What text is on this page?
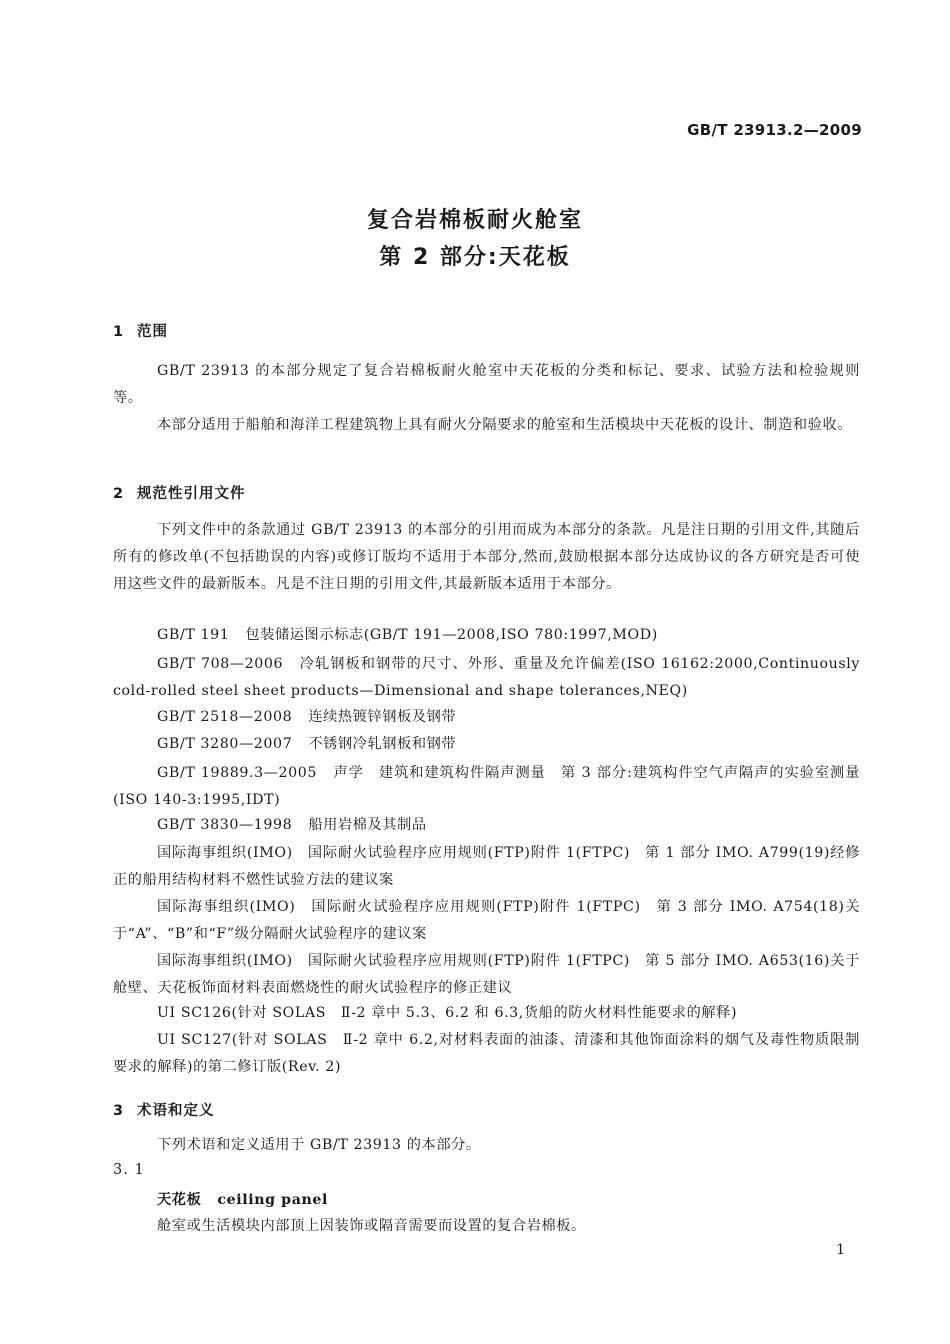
GB/T 23913.2—2009
复合岩棉板耐火舱室
第 2 部分:天花板
1 范围
GB/T 23913 的本部分规定了复合岩棉板耐火舱室中天花板的分类和标记、要求、试验方法和检验规则等。
本部分适用于船舶和海洋工程建筑物上具有耐火分隔要求的舱室和生活模块中天花板的设计、制造和验收。
2 规范性引用文件
下列文件中的条款通过 GB/T 23913 的本部分的引用而成为本部分的条款。凡是注日期的引用文件,其随后所有的修改单(不包括勘误的内容)或修订版均不适用于本部分,然而,鼓励根据本部分达成协议的各方研究是否可使用这些文件的最新版本。凡是不注日期的引用文件,其最新版本适用于本部分。
GB/T 191 包装储运图示标志(GB/T 191—2008,ISO 780:1997,MOD)
GB/T 708—2006 冷轧钢板和钢带的尺寸、外形、重量及允许偏差(ISO 16162:2000,Continuously cold-rolled steel sheet products—Dimensional and shape tolerances,NEQ)
GB/T 2518—2008 连续热镀锌钢板及钢带
GB/T 3280—2007 不锈钢冷轧钢板和钢带
GB/T 19889.3—2005 声学　建筑和建筑构件隔声测量　第 3 部分:建筑构件空气声隔声的实验室测量(ISO 140-3:1995,IDT)
GB/T 3830—1998 船用岩棉及其制品
国际海事组织(IMO)　国际耐火试验程序应用规则(FTP)附件 1(FTPC)　第 1 部分 IMO. A799(19)经修正的船用结构材料不燃性试验方法的建议案
国际海事组织(IMO)　国际耐火试验程序应用规则(FTP)附件 1(FTPC)　第 3 部分 IMO. A754(18)关于“A”、“B”和“F”级分隔耐火试验程序的建议案
国际海事组织(IMO)　国际耐火试验程序应用规则(FTP)附件 1(FTPC)　第 5 部分 IMO. A653(16)关于舱壁、天花板饰面材料表面燃烧性的耐火试验程序的修正建议
UI SC126(针对 SOLAS　Ⅱ-2 章中 5.3、6.2 和 6.3,货船的防火材料性能要求的解释)
UI SC127(针对 SOLAS　Ⅱ-2 章中 6.2,对材料表面的油漆、清漆和其他饰面涂料的烟气及毒性物质限制要求的解释)的第二修订版(Rev. 2)
3 术语和定义
下列术语和定义适用于 GB/T 23913 的本部分。
3. 1
天花板 ceiling panel
舱室或生活模块内部顶上因装饰或隔音需要而设置的复合岩棉板。
1
